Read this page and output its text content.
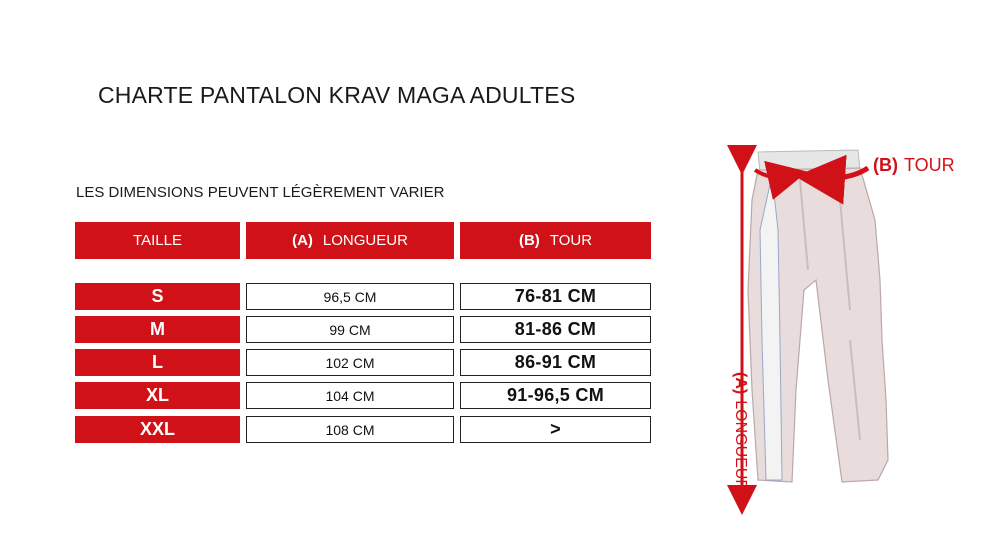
CHARTE PANTALON KRAV MAGA ADULTES
LES DIMENSIONS PEUVENT LÉGÈREMENT VARIER
TAILLE	(A) LONGUEUR	(B) TOUR
S	96,5 CM	76-81 CM
M	99 CM	81-86 CM
L	102 CM	86-91 CM
XL	104 CM	91-96,5 CM
XXL	108 CM	>
(B) TOUR
(A)LONGUEUR
